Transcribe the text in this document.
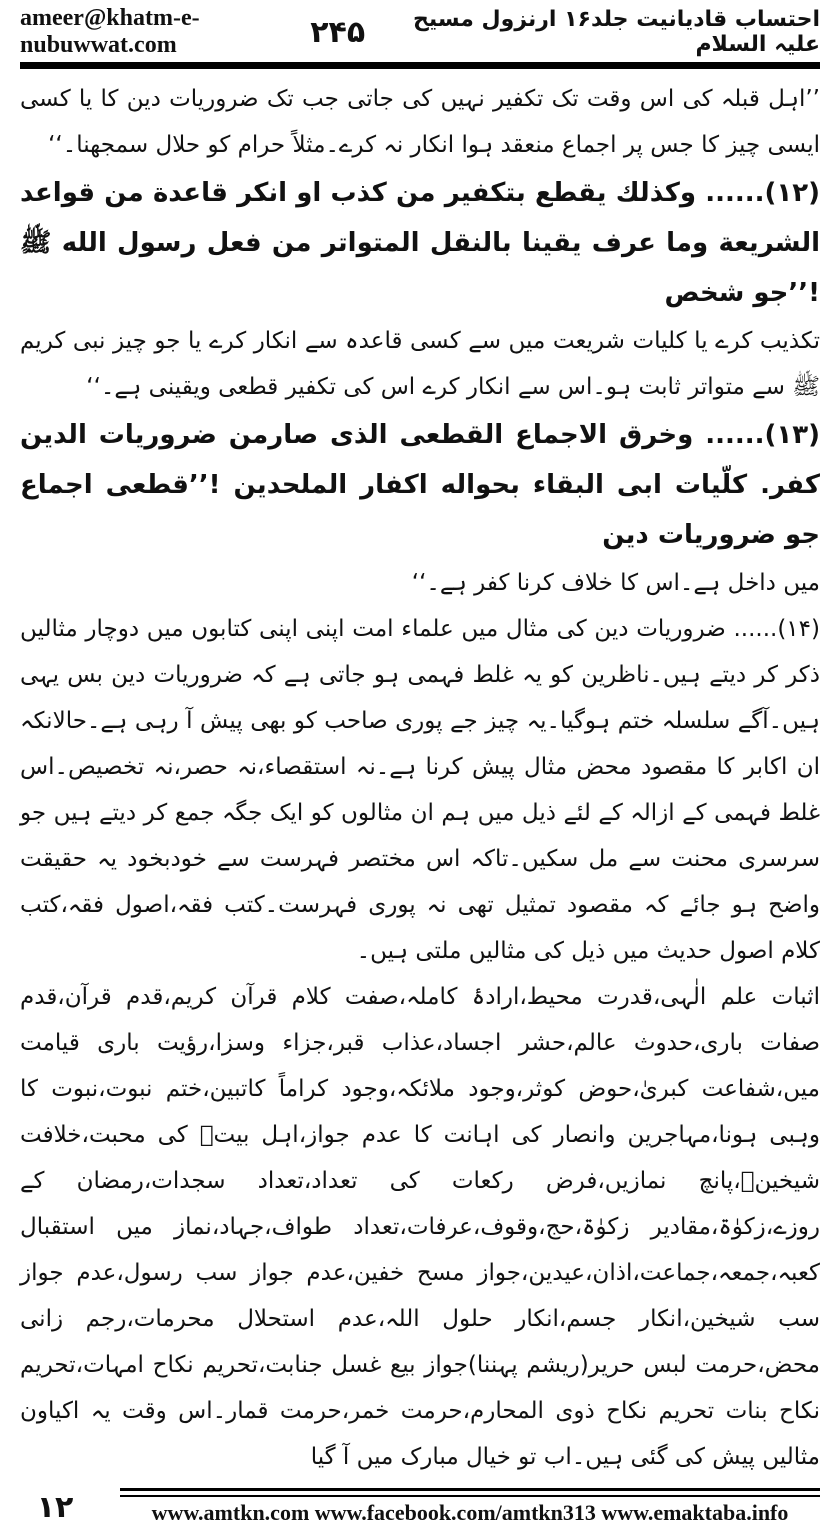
ameer@khatm-e-nubuwwat.com	۲۴۵	احتساب قادیانیت جلد۱۶ ارنزول مسیح علیہ السلام

’’اہل قبلہ کی اس وقت تک تکفیر نہیں کی جاتی جب تک ضروریات دین کا یا کسی ایسی چیز کا جس پر اجماع منعقد ہوا انکار نہ کرے۔مثلاً حرام کو حلال سمجھنا۔‘‘

(۱۲)...... وکذلك یقطع بتکفیر من کذب او انکر قاعدة من قواعد الشریعة وما عرف یقینا بالنقل المتواتر من فعل رسول الله ﷺ !’’جو شخص

تکذیب کرے یا کلیات شریعت میں سے کسی قاعدہ سے انکار کرے یا جو چیز نبی کریم ﷺ سے متواتر ثابت ہو۔اس سے انکار کرے اس کی تکفیر قطعی ویقینی ہے۔‘‘

(۱۳)...... وخرق الاجماع القطعی الذی صارمن ضروریات الدین کفر. کلّیات ابی البقاء بحواله اکفار الملحدین !’’قطعی اجماع جو ضروریات دین

میں داخل ہے۔اس کا خلاف کرنا کفر ہے۔‘‘

(۱۴)...... ضروریات دین کی مثال میں علماء امت اپنی اپنی کتابوں میں دوچار مثالیں ذکر کر دیتے ہیں۔ناظرین کو یہ غلط فہمی ہو جاتی ہے کہ ضروریات دین بس یہی ہیں۔آگے سلسلہ ختم ہوگیا۔یہ چیز جے پوری صاحب کو بھی پیش آ رہی ہے۔حالانکہ ان اکابر کا مقصود محض مثال پیش کرنا ہے۔نہ استقصاء،نہ حصر،نہ تخصیص۔اس غلط فہمی کے ازالہ کے لئے ذیل میں ہم ان مثالوں کو ایک جگہ جمع کر دیتے ہیں جو سرسری محنت سے مل سکیں۔تاکہ اس مختصر فہرست سے خودبخود یہ حقیقت واضح ہو جائے کہ مقصود تمثیل تھی نہ پوری فہرست۔کتب فقہ،اصول فقہ،کتب کلام اصول حدیث میں ذیل کی مثالیں ملتی ہیں۔

اثبات علم الٰہی،قدرت محیط،ارادۂ کاملہ،صفت کلام قرآن کریم،قدم قرآن،قدم صفات باری،حدوث عالم،حشر اجساد،عذاب قبر،جزاء وسزا،رؤیت باری قیامت میں،شفاعت کبریٰ،حوض کوثر،وجود ملائکہ،وجود کراماً کاتبین،ختم نبوت،نبوت کا وہبی ہونا،مہاجرین وانصار کی اہانت کا عدم جواز،اہل بیتؓ کی محبت،خلافت شیخینؓ،پانچ نمازیں،فرض رکعات کی تعداد،تعداد سجدات،رمضان کے روزے،زکوٰۃ،مقادیر زکوٰۃ،حج،وقوف،عرفات،تعداد طواف،جہاد،نماز میں استقبال کعبہ،جمعہ،جماعت،اذان،عیدین،جواز مسح خفین،عدم جواز سب رسول،عدم جواز سب شیخین،انکار جسم،انکار حلول اللہ،عدم استحلال محرمات،رجم زانی محض،حرمت لبس حریر(ریشم پہننا)جواز بیع غسل جنابت،تحریم نکاح امہات،تحریم نکاح بنات تحریم نکاح ذوی المحارم،حرمت خمر،حرمت قمار۔اس وقت یہ اکیاون مثالیں پیش کی گئی ہیں۔اب تو خیال مبارک میں آ گیا

۱۲	www.amtkn.com www.facebook.com/amtkn313 www.emaktaba.info
